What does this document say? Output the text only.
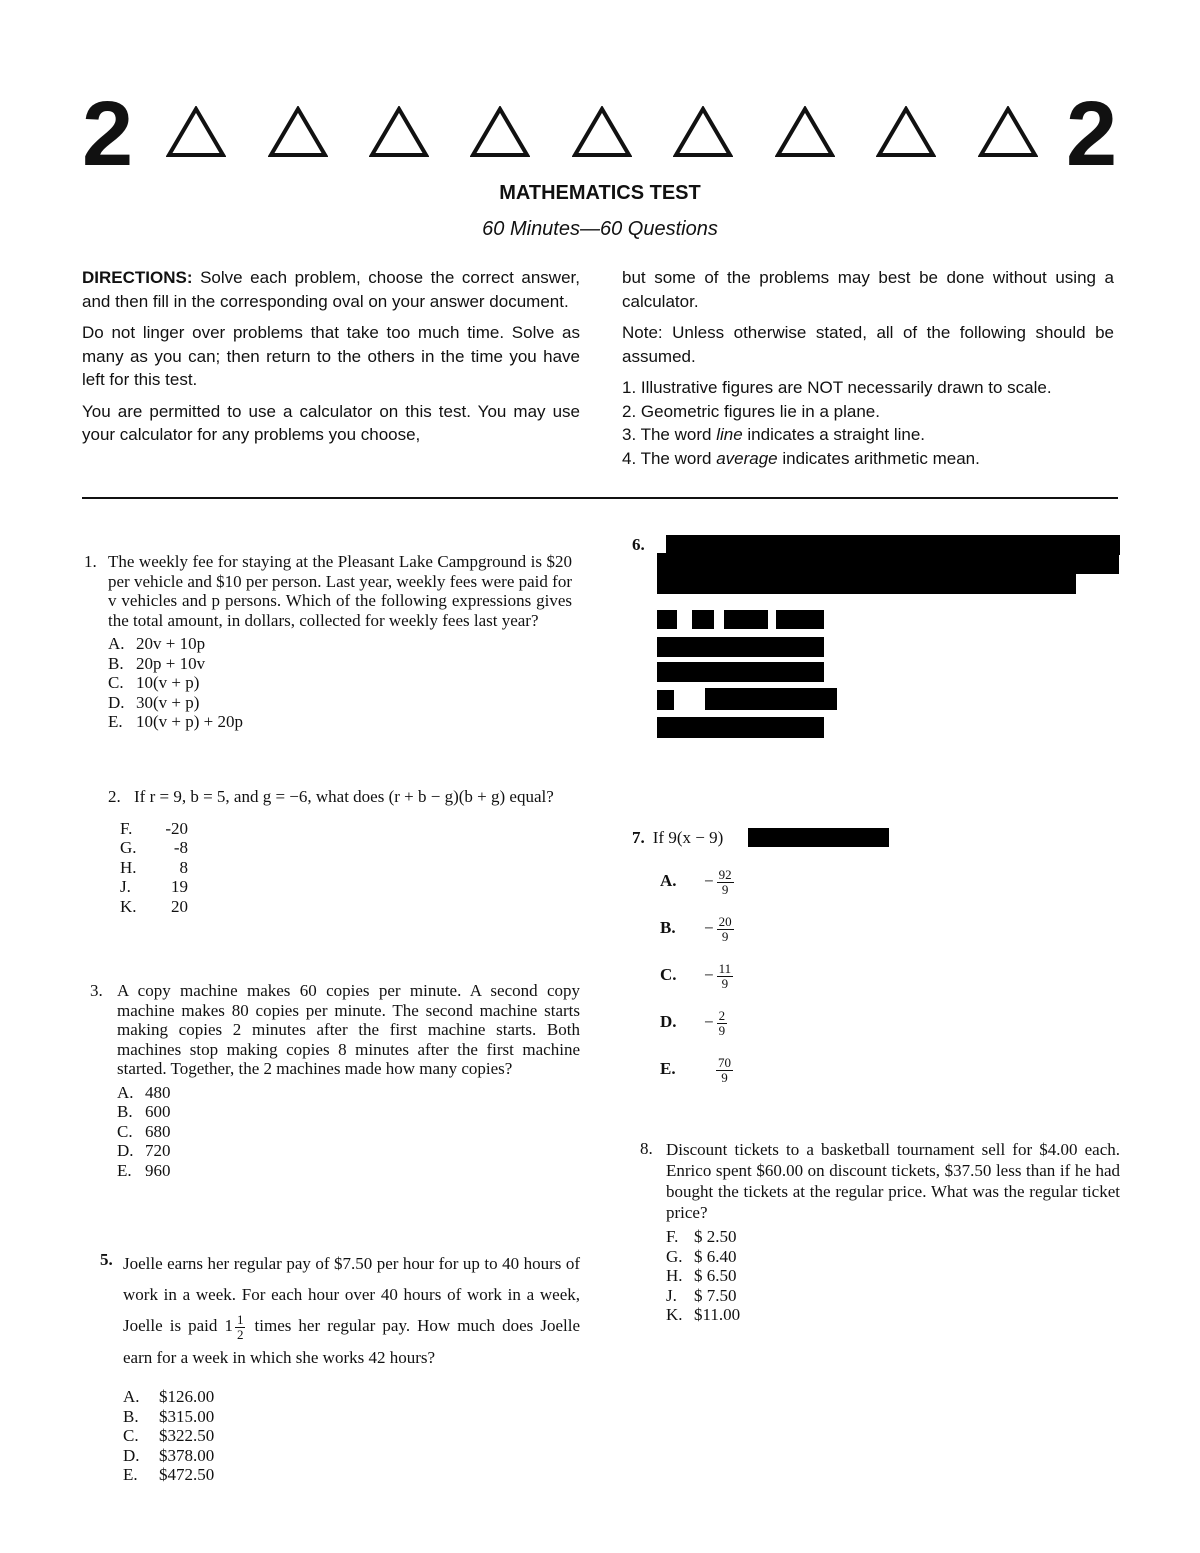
2	2
MATHEMATICS TEST
60 Minutes—60 Questions

DIRECTIONS: Solve each problem, choose the correct answer, and then fill in the corresponding oval on your answer document.

Do not linger over problems that take too much time. Solve as many as you can; then return to the others in the time you have left for this test.

You are permitted to use a calculator on this test. You may use your calculator for any problems you choose,

but some of the problems may best be done without using a calculator.

Note: Unless otherwise stated, all of the following should be assumed.

1. Illustrative figures are NOT necessarily drawn to scale.
2. Geometric figures lie in a plane.
3. The word line indicates a straight line.
4. The word average indicates arithmetic mean.
1. The weekly fee for staying at the Pleasant Lake Campground is $20 per vehicle and $10 per person. Last year, weekly fees were paid for v vehicles and p persons. Which of the following expressions gives the total amount, in dollars, collected for weekly fees last year?
A. 20v + 10p
B. 20p + 10v
C. 10(v + p)
D. 30(v + p)
E. 10(v + p) + 20p
2. If r = 9, b = 5, and g = −6, what does (r + b − g)(b + g) equal?
F. -20
G. -8
H.	8
J. 19
K. 20
3. A copy machine makes 60 copies per minute. A second copy machine makes 80 copies per minute. The second machine starts making copies 2 minutes after the first machine starts. Both machines stop making copies 8 minutes after the first machine started. Together, the 2 machines made how many copies?
A. 480
B. 600
C. 680
D. 720
E. 960
5. Joelle earns her regular pay of $7.50 per hour for up to 40 hours of work in a week. For each hour over 40 hours of work in a week, Joelle is paid $1 \frac{1}{2}$ times her regular pay. How much does Joelle earn for a week in which she works 42 hours?
A. $126.00
B. $315.00
C. $322.50
D. $378.00
E. $472.50
6.
7. If 9(x − 9)
A. − $\frac{92}{9}$
B. − $\frac{20}{9}$
C. − $\frac{11}{9}$
D. − $\frac{2}{9}$
E.	$\frac{70}{9}$
8. Discount tickets to a basketball tournament sell for $4.00 each. Enrico spent $60.00 on discount tickets, $37.50 less than if he had bought the tickets at the regular price. What was the regular ticket price?
F. $ 2.50
G. $ 6.40
H. $ 6.50
J. $ 7.50
K. $11.00
